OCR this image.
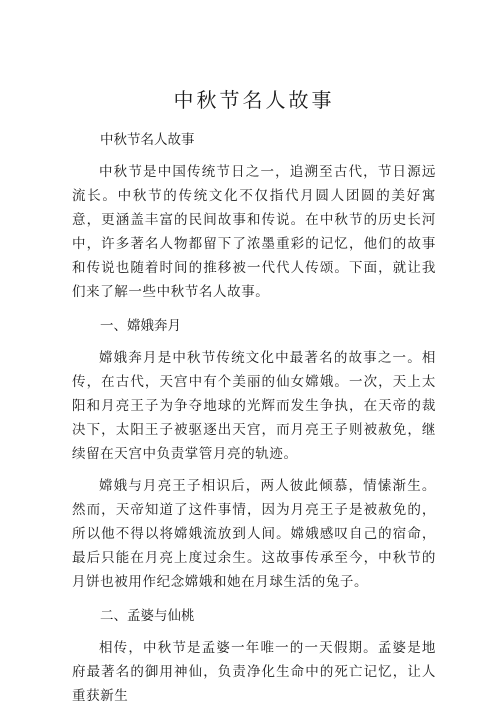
中秋节名人故事
中秋节名人故事

中秋节是中国传统节日之一，追溯至古代，节日源远流长。中秋节的传统文化不仅指代月圆人团圆的美好寓意，更涵盖丰富的民间故事和传说。在中秋节的历史长河中，许多著名人物都留下了浓墨重彩的记忆，他们的故事和传说也随着时间的推移被一代代人传颂。下面，就让我们来了解一些中秋节名人故事。

一、嫦娥奔月

嫦娥奔月是中秋节传统文化中最著名的故事之一。相传，在古代，天宫中有个美丽的仙女嫦娥。一次，天上太阳和月亮王子为争夺地球的光辉而发生争执，在天帝的裁决下，太阳王子被驱逐出天宫，而月亮王子则被赦免，继续留在天宫中负责掌管月亮的轨迹。

嫦娥与月亮王子相识后，两人彼此倾慕，情愫渐生。然而，天帝知道了这件事情，因为月亮王子是被赦免的，所以他不得以将嫦娥流放到人间。嫦娥感叹自己的宿命，最后只能在月亮上度过余生。这故事传承至今，中秋节的月饼也被用作纪念嫦娥和她在月球生活的兔子。

二、孟婆与仙桃

相传，中秋节是孟婆一年唯一的一天假期。孟婆是地府最著名的御用神仙，负责净化生命中的死亡记忆，让人重获新生
